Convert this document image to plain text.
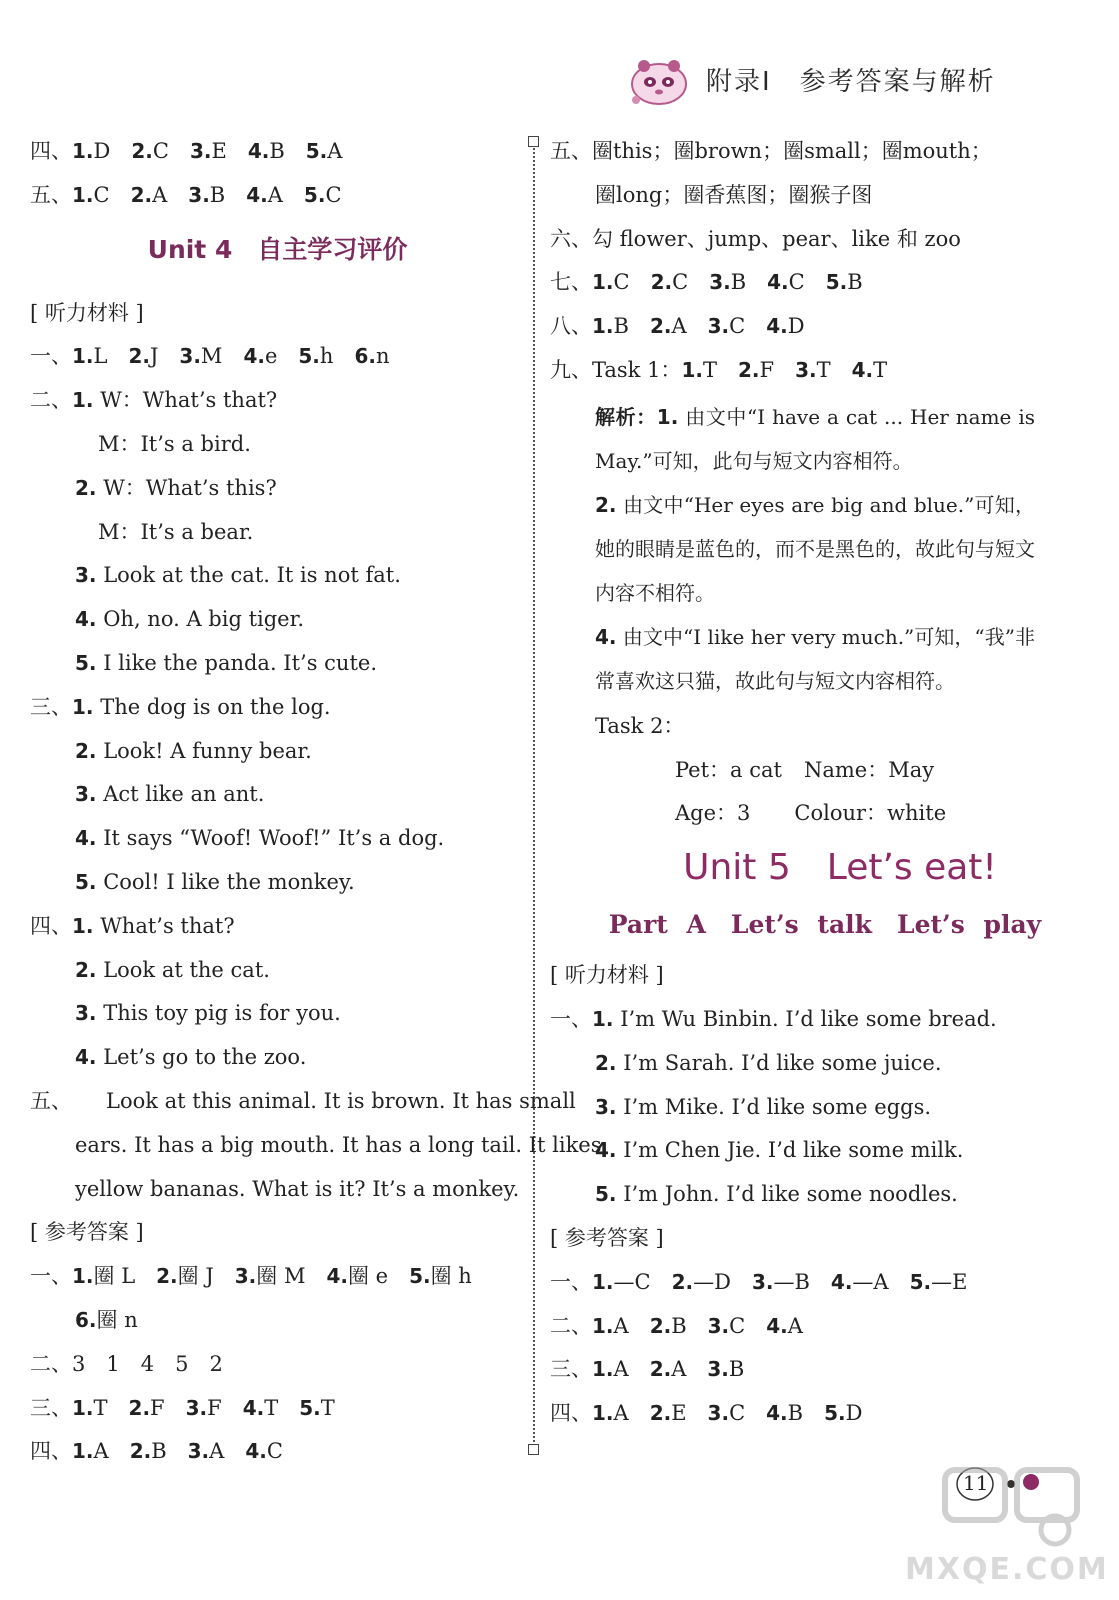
附录Ⅰ　参考答案与解析
四、1.D　 2.C　 3.E　 4.B　 5.A
五、1.C　 2.A　 3.B　 4.A　 5.C
Unit 4　自主学习评价
[ 听力材料 ]
一、1.L　 2.J　 3.M　 4.e　 5.h　 6.n
二、1. W：What’s that?
M：It’s a bird.
2. W：What’s this?
M：It’s a bear.
3. Look at the cat. It is not fat.
4. Oh, no. A big tiger.
5. I like the panda. It’s cute.
三、1. The dog is on the log.
2. Look! A funny bear.
3. Act like an ant.
4. It says “Woof! Woof!” It’s a dog.
5. Cool! I like the monkey.
四、1. What’s that?
2. Look at the cat.
3. This toy pig is for you.
4. Let’s go to the zoo.
五、 Look at this animal. It is brown. It has small
ears. It has a big mouth. It has a long tail. It likes
yellow bananas. What is it? It’s a monkey.
[ 参考答案 ]
一、1.圈 L　 2.圈 J　 3.圈 M　 4.圈 e　 5.圈 h
6.圈 n
二、3　1　4　5　2
三、1.T　 2.F　 3.F　 4.T　 5.T
四、1.A　 2.B　 3.A　 4.C
五、圈this；圈brown；圈small；圈mouth；
圈long；圈香蕉图；圈猴子图
六、勾 flower、jump、pear、like 和 zoo
七、1.C　 2.C　 3.B　 4.C　 5.B
八、1.B　 2.A　 3.C　 4.D
九、Task 1：1.T　 2.F　 3.T　 4.T
解析：1. 由文中“I have a cat ... Her name is May.”可知，此句与短文内容相符。
2. 由文中“Her eyes are big and blue.”可知，她的眼睛是蓝色的，而不是黑色的，故此句与短文内容不相符。
4. 由文中“I like her very much.”可知，“我”非常喜欢这只猫，故此句与短文内容相符。
Task 2：
Pet：a cat Name：May
Age：3 Colour：white
Unit 5　Let’s eat!
Part A　Let’s talk　Let’s play
[ 听力材料 ]
一、1. I’m Wu Binbin. I’d like some bread.
2. I’m Sarah. I’d like some juice.
3. I’m Mike. I’d like some eggs.
4. I’m Chen Jie. I’d like some milk.
5. I’m John. I’d like some noodles.
[ 参考答案 ]
一、1.—C　 2.—D　 3.—B　 4.—A　 5.—E
二、1.A　 2.B　 3.C　 4.A
三、1.A　 2.A　 3.B
四、1.A　 2.E　 3.C　 4.B　 5.D
11
MXQE.COM
